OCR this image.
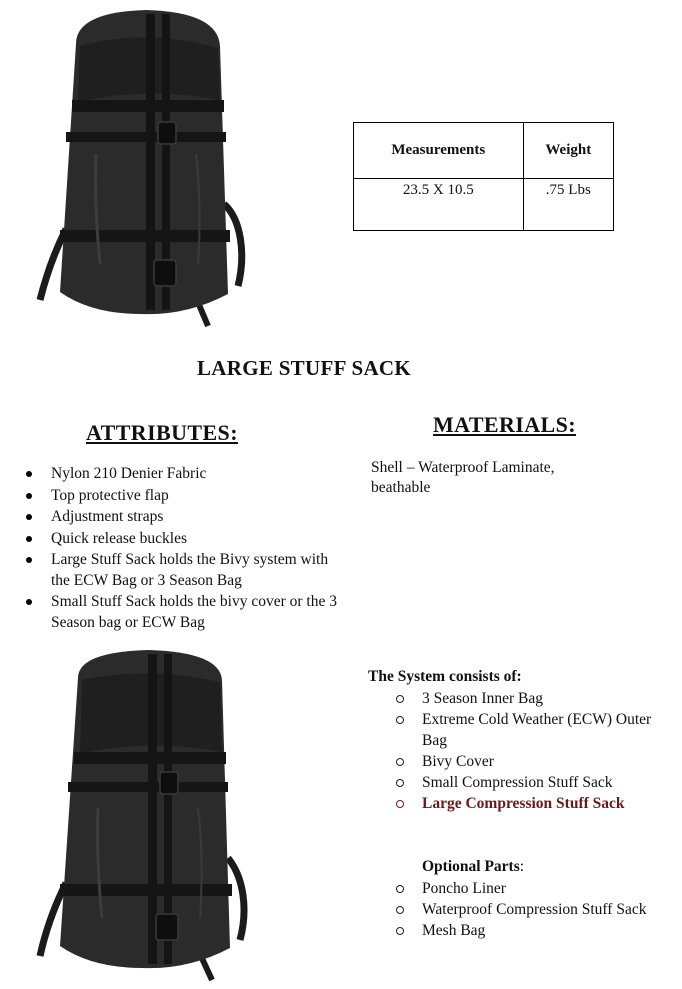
Measurements	Weight
23.5 X 10.5	.75 Lbs
LARGE STUFF SACK
ATTRIBUTES:
Nylon 210 Denier Fabric
Top protective flap
Adjustment straps
Quick release buckles
Large Stuff Sack holds the Bivy system with the ECW Bag or 3 Season Bag
Small Stuff Sack holds the bivy cover or the 3 Season bag or ECW Bag
MATERIALS:
Shell – Waterproof Laminate, beathable
The System consists of:
3 Season Inner Bag
Extreme Cold Weather (ECW) Outer Bag
Bivy Cover
Small Compression Stuff Sack
Large Compression Stuff Sack
Optional Parts:
Poncho Liner
Waterproof Compression Stuff Sack
Mesh Bag
